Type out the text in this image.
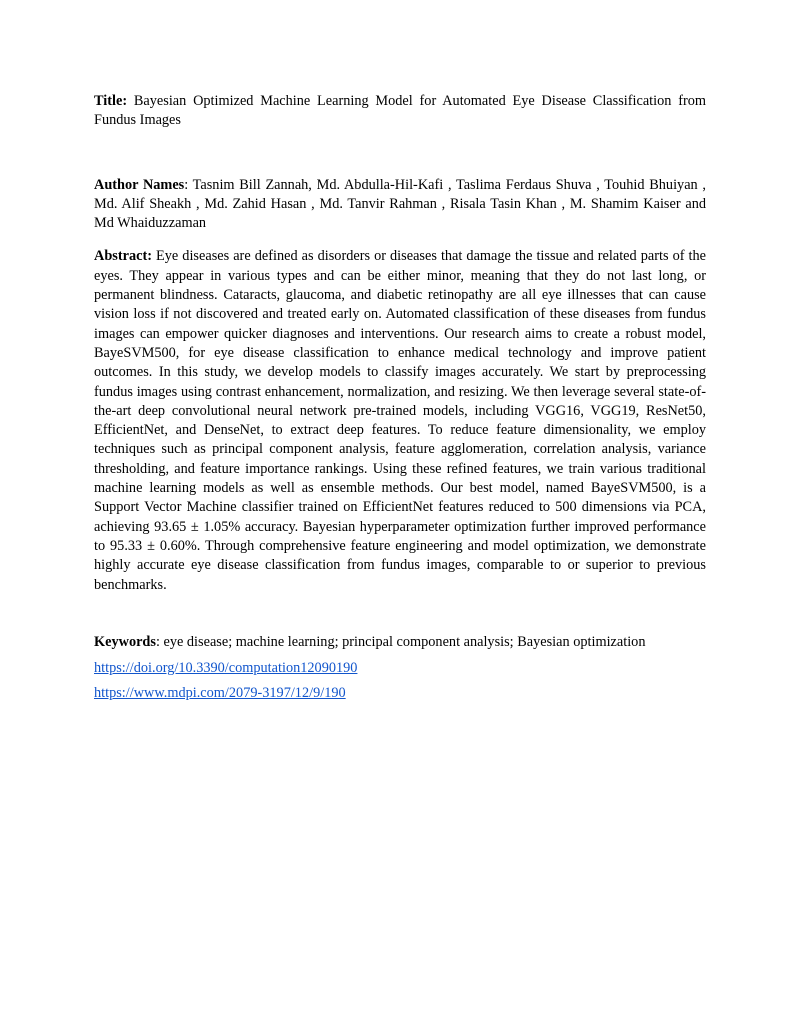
Title: Bayesian Optimized Machine Learning Model for Automated Eye Disease Classification from Fundus Images

Author Names: Tasnim Bill Zannah, Md. Abdulla-Hil-Kafi , Taslima Ferdaus Shuva , Touhid Bhuiyan , Md. Alif Sheakh , Md. Zahid Hasan , Md. Tanvir Rahman , Risala Tasin Khan , M. Shamim Kaiser and Md Whaiduzzaman

Abstract: Eye diseases are defined as disorders or diseases that damage the tissue and related parts of the eyes. They appear in various types and can be either minor, meaning that they do not last long, or permanent blindness. Cataracts, glaucoma, and diabetic retinopathy are all eye illnesses that can cause vision loss if not discovered and treated early on. Automated classification of these diseases from fundus images can empower quicker diagnoses and interventions. Our research aims to create a robust model, BayeSVM500, for eye disease classification to enhance medical technology and improve patient outcomes. In this study, we develop models to classify images accurately. We start by preprocessing fundus images using contrast enhancement, normalization, and resizing. We then leverage several state-of-the-art deep convolutional neural network pre-trained models, including VGG16, VGG19, ResNet50, EfficientNet, and DenseNet, to extract deep features. To reduce feature dimensionality, we employ techniques such as principal component analysis, feature agglomeration, correlation analysis, variance thresholding, and feature importance rankings. Using these refined features, we train various traditional machine learning models as well as ensemble methods. Our best model, named BayeSVM500, is a Support Vector Machine classifier trained on EfficientNet features reduced to 500 dimensions via PCA, achieving 93.65 ± 1.05% accuracy. Bayesian hyperparameter optimization further improved performance to 95.33 ± 0.60%. Through comprehensive feature engineering and model optimization, we demonstrate highly accurate eye disease classification from fundus images, comparable to or superior to previous benchmarks.

Keywords: eye disease; machine learning; principal component analysis; Bayesian optimization

https://doi.org/10.3390/computation12090190
https://www.mdpi.com/2079-3197/12/9/190
